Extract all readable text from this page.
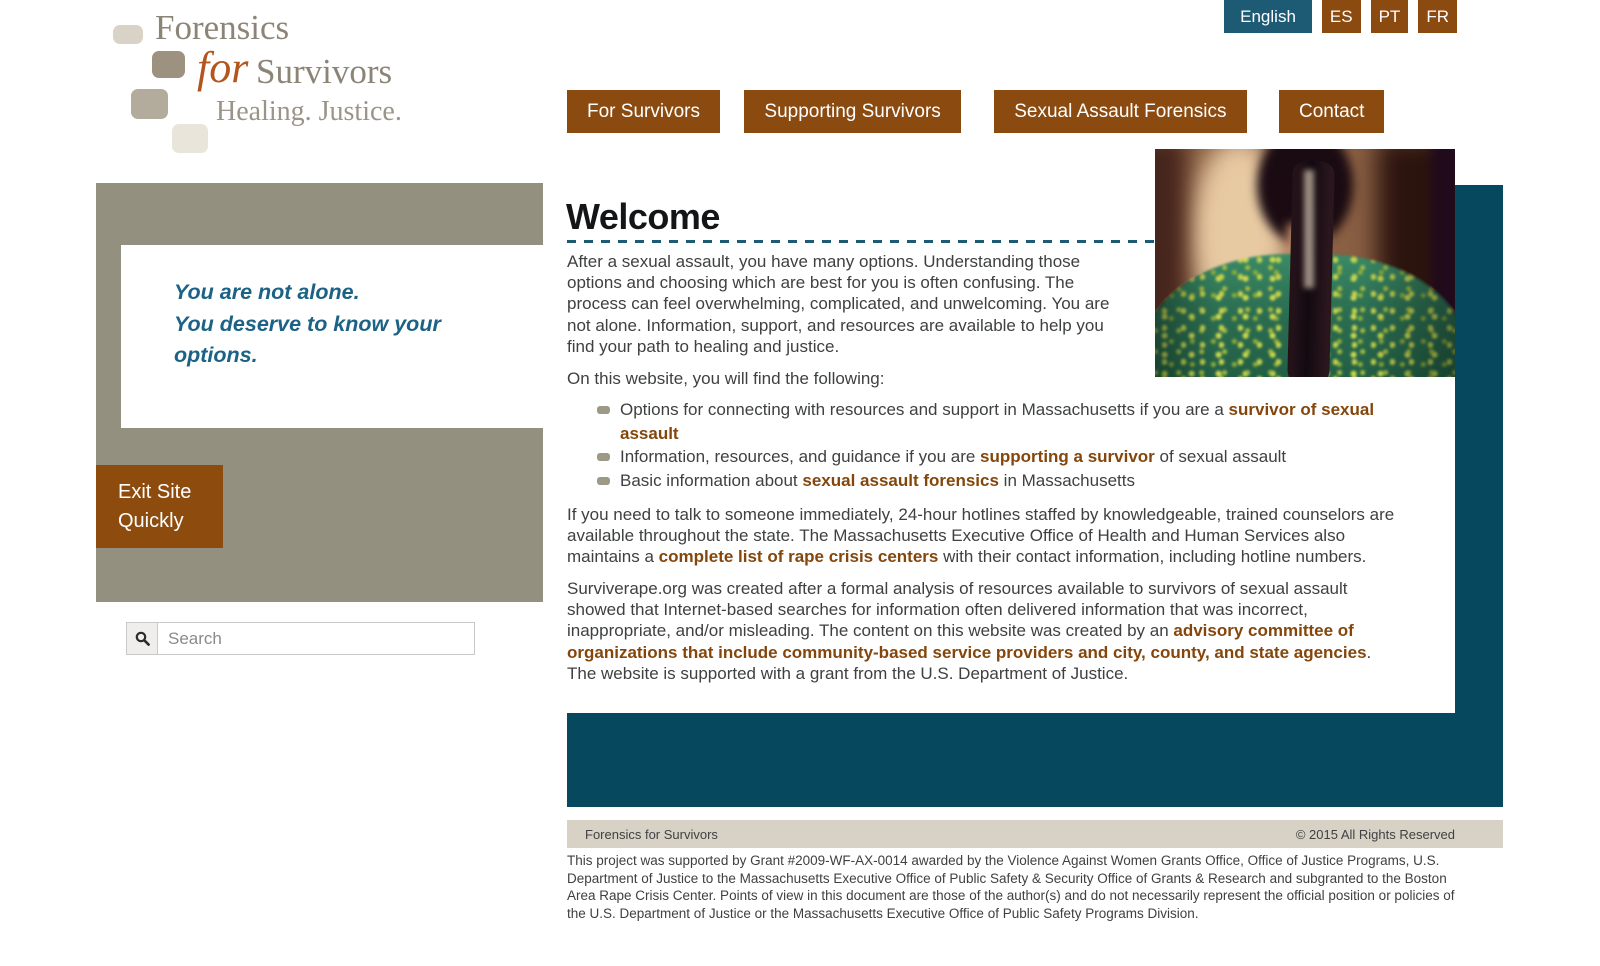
Forensics
for Survivors
Healing. Justice.
English	ES	PT	FR
For Survivors	Supporting Survivors	Sexual Assault Forensics	Contact
You are not alone.
You deserve to know your options.
Exit Site Quickly
Search
Welcome
After a sexual assault, you have many options. Understanding those options and choosing which are best for you is often confusing. The process can feel overwhelming, complicated, and unwelcoming. You are not alone. Information, support, and resources are available to help you find your path to healing and justice.
On this website, you will find the following:
Options for connecting with resources and support in Massachusetts if you are a survivor of sexual assault
Information, resources, and guidance if you are supporting a survivor of sexual assault
Basic information about sexual assault forensics in Massachusetts
If you need to talk to someone immediately, 24-hour hotlines staffed by knowledgeable, trained counselors are available throughout the state. The Massachusetts Executive Office of Health and Human Services also maintains a complete list of rape crisis centers with their contact information, including hotline numbers.
Surviverape.org was created after a formal analysis of resources available to survivors of sexual assault showed that Internet-based searches for information often delivered information that was incorrect, inappropriate, and/or misleading. The content on this website was created by an advisory committee of organizations that include community-based service providers and city, county, and state agencies. The website is supported with a grant from the U.S. Department of Justice.
Forensics for Survivors	© 2015 All Rights Reserved
This project was supported by Grant #2009-WF-AX-0014 awarded by the Violence Against Women Grants Office, Office of Justice Programs, U.S. Department of Justice to the Massachusetts Executive Office of Public Safety & Security Office of Grants & Research and subgranted to the Boston Area Rape Crisis Center. Points of view in this document are those of the author(s) and do not necessarily represent the official position or policies of the U.S. Department of Justice or the Massachusetts Executive Office of Public Safety Programs Division.
